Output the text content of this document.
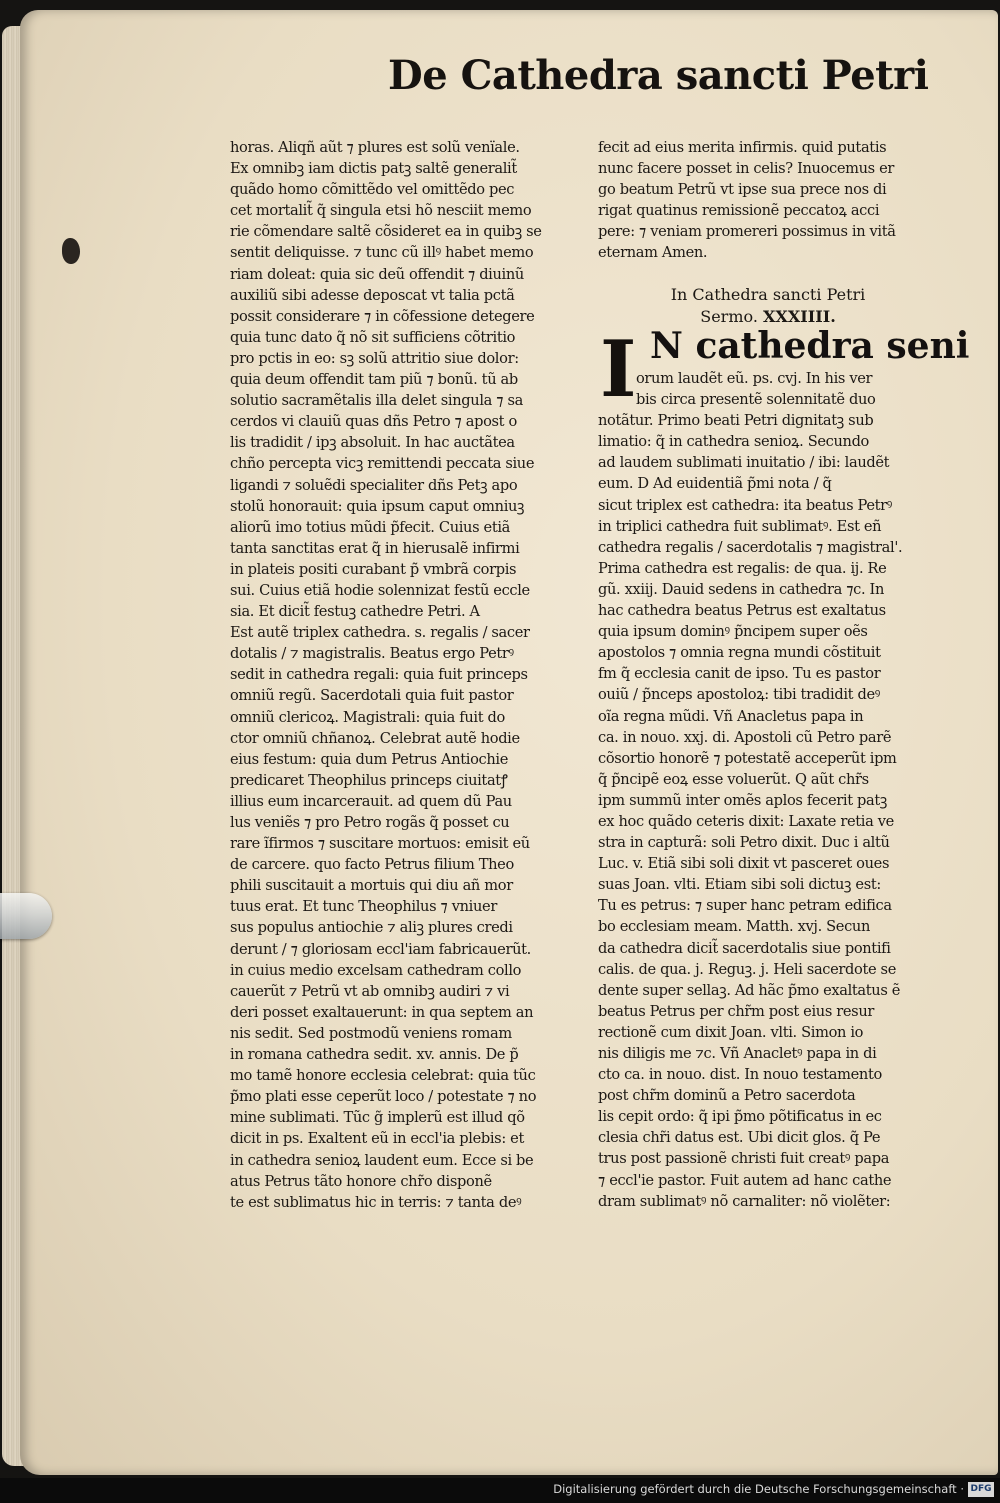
De Cathedra sancti Petri
horas. Aliqñ aũt ⁊ plures est solũ venïale.
Ex omnibꝫ iam dictis patꝫ saltẽ generalit̃
quãdo homo cõmittẽdo vel omittẽdo pec
cet mortalit̃ q̃ singula etsi hõ nesciit memo
rie cõmendare saltẽ cõsideret ea in quibꝫ se
sentit deliquisse. ⁊ tunc cũ illꝰ habet memo
riam doleat: quia sic deũ offendit ⁊ diuinũ
auxiliũ sibi adesse deposcat vt talia pctã
possit considerare ⁊ in cõfessione detegere
quia tunc dato q̃ nõ sit sufficiens cõtritio
pro pctis in eo: sꝫ solũ attritio siue dolor:
quia deum offendit tam piũ ⁊ bonũ. tũ ab
solutio sacramẽtalis illa delet singula ⁊ sa
cerdos vi clauiũ quas dñs Petro ⁊ apost o
lis tradidit / ipꝫ absoluit. In hac auctãtea
chño percepta vicꝫ remittendi peccata siue
ligandi ⁊ soluẽdi specialiter dñs Petꝫ apo
stolũ honorauit: quia ipsum caput omniuꝫ
aliorũ imo totius mũdi p̃fecit. Cuius etiã
tanta sanctitas erat q̃ in hierusalẽ infirmi
in plateis positi curabant p̃ vmbrã corpis
sui. Cuius etiã hodie solennizat festũ eccle
sia. Et dicit̃ festuꝫ cathedre Petri. A
Est autẽ triplex cathedra. s. regalis / sacer
dotalis / ⁊ magistralis. Beatus ergo Petrꝰ
sedit in cathedra regali: quia fuit princeps
omniũ regũ. Sacerdotali quia fuit pastor
omniũ clericoꝝ. Magistrali: quia fuit do
ctor omniũ chñanoꝝ. Celebrat autẽ hodie
eius festum: quia dum Petrus Antiochie
predicaret Theophilus princeps ciuitatꝭ
illius eum incarcerauit. ad quem dũ Pau
lus veniẽs ⁊ pro Petro rogãs q̃ posset cu
rare ĩfirmos ⁊ suscitare mortuos: emisit eũ
de carcere. quo facto Petrus filium Theo
phili suscitauit a mortuis qui diu añ mor
tuus erat. Et tunc Theophilus ⁊ vniuer
sus populus antiochie ⁊ aliꝫ plures credi
derunt / ⁊ gloriosam eccl'iam fabricauerũt.
in cuius medio excelsam cathedram collo
cauerũt ⁊ Petrũ vt ab omnibꝫ audiri ⁊ vi
deri posset exaltauerunt: in qua septem an
nis sedit. Sed postmodũ veniens romam
in romana cathedra sedit. xv. annis. De p̃
mo tamẽ honore ecclesia celebrat: quia tũc
p̃mo plati esse ceperũt loco / potestate ⁊ no
mine sublimati. Tũc g̃ implerũ est illud qõ
dicit in ps. Exaltent eũ in eccl'ia plebis: et
in cathedra senioꝝ laudent eum. Ecce si be
atus Petrus tãto honore chr̃o disponẽ
te est sublimatus hic in terris: ⁊ tanta deꝰ
fecit ad eius merita infirmis. quid putatis
nunc facere posset in celis? Inuocemus er
go beatum Petrũ vt ipse sua prece nos di
rigat quatinus remissionẽ peccatoꝝ acci
pere: ⁊ veniam promereri possimus in vitã
eternam Amen.
In Cathedra sancti Petri
Sermo. XXXIIII.
I N cathedra seni
orum laudẽt eũ. ps. cvj. In his ver
bis circa presentẽ solennitatẽ duo
notãtur. Primo beati Petri dignitatꝫ sub
limatio: q̃ in cathedra senioꝝ. Secundo
ad laudem sublimati inuitatio / ibi: laudẽt
eum. D Ad euidentiã p̃mi nota / q̃
sicut triplex est cathedra: ita beatus Petrꝰ
in triplici cathedra fuit sublimatꝰ. Est eñ
cathedra regalis / sacerdotalis ⁊ magistral'.
Prima cathedra est regalis: de qua. ij. Re
gũ. xxiij. Dauid sedens in cathedra ⁊c. In
hac cathedra beatus Petrus est exaltatus
quia ipsum dominꝰ p̃ncipem super oẽs
apostolos ⁊ omnia regna mundi cõstituit
fm q̃ ecclesia canit de ipso. Tu es pastor
ouiũ / p̃nceps apostoloꝝ: tibi tradidit deꝰ
oĩa regna mũdi. Vñ Anacletus papa in
ca. in nouo. xxj. di. Apostoli cũ Petro parẽ
cõsortio honorẽ ⁊ potestatẽ acceperũt ipm
q̃ p̃ncipẽ eoꝝ esse voluerũt. Q aũt chr̃s
ipm summũ inter omẽs aplos fecerit patꝫ
ex hoc quãdo ceteris dixit: Laxate retia ve
stra in capturã: soli Petro dixit. Duc i altũ
Luc. v. Etiã sibi soli dixit vt pasceret oues
suas Joan. vlti. Etiam sibi soli dictuꝫ est:
Tu es petrus: ⁊ super hanc petram edifica
bo ecclesiam meam. Matth. xvj. Secun
da cathedra dicit̃ sacerdotalis siue pontifi
calis. de qua. j. Reguꝫ. j. Heli sacerdote se
dente super sellaꝫ. Ad hãc p̃mo exaltatus ẽ
beatus Petrus per chr̃m post eius resur
rectionẽ cum dixit Joan. vlti. Simon io
nis diligis me ⁊c. Vñ Anacletꝰ papa in di
cto ca. in nouo. dist. In nouo testamento
post chr̃m dominũ a Petro sacerdota
lis cepit ordo: q̃ ipi p̃mo põtificatus in ec
clesia chr̃i datus est. Ubi dicit glos. q̃ Pe
trus post passionẽ christi fuit creatꝰ papa
⁊ eccl'ie pastor. Fuit autem ad hanc cathe
dram sublimatꝰ nõ carnaliter: nõ violẽter:
Digitalisierung gefördert durch die Deutsche Forschungsgemeinschaft · DFG
